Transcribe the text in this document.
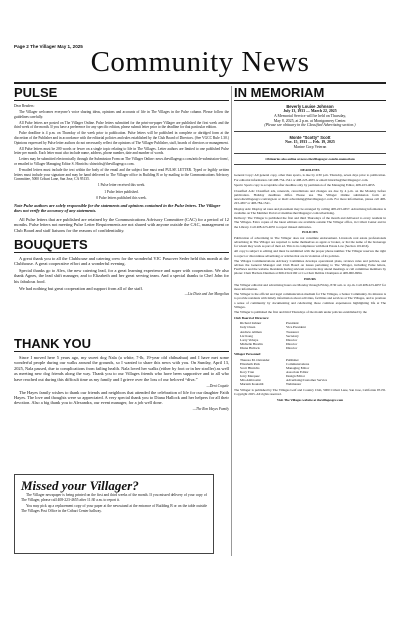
Page 2 The Villager May 1, 2025 Community News
PULSE

Dear Readers:

The Villager welcomes everyone’s voice sharing ideas, opinions and accounts of life in The Villages in the Pulse column. Please follow the guidelines carefully.

All Pulse letters are posted on The Villager Online. Pulse letters submitted for the print-on-paper Villager are published the first week and the third week of the month. If you have a preference for any specific edition, please submit letter prior to the deadline for that particular edition.

Pulse deadline is 4 p.m. on Thursday of the week prior to publication. Pulse letters will be published in complete or abridged form at the discretion of the Publisher and in accordance with the editorial policies and rules established by the Club Board of Directors. (See VGCC Rule 1.30.) Opinions expressed by Pulse letter authors do not necessarily reflect the opinions of The Villager Publisher, staff, boards of directors or management.

All Pulse letters must be 200 words or fewer on a single topic relating to life in The Villages. Letter authors are limited to one published Pulse letter per month. Each letter must also include name, address, phone number, date and number of words.

Letters may be submitted electronically through the Submission Form on The Villager Online: news.thevillagesgcc.com/article-submission-form/, or emailed to Villager Managing Editor S. Hinrichs: shinrichs@thevillagesgcc.com.

E-mailed letters must include the text within the body of the email and the subject line must read PULSE LETTER. Typed or legibly written letters must include your signature and may be hand delivered to The Villager office in Building B or by mailing to the Communications Advisory Committee, 5000 Cribari Lane, San Jose, CA 95135.

1 Pulse letter received this week.

1 Pulse letter published.

0 Pulse letters published this week.

Note Pulse authors are solely responsible for the statements and opinions contained in the Pulse letters. The Villager does not verify the accuracy of any statements.

All Pulse letters that are published are retained by the Communications Advisory Committee (CAC) for a period of 12 months. Pulse letters not meeting Pulse Letter Requirements are not shared with anyone outside the CAC, management or Club Board and staff liaisons for the reasons of confidentiality.

BOUQUETS

A great thank you to all the Clubhouse and catering crew for the wonderful VJC Passover Seder held this month at the Clubhouse. A great cooperative effort and a wonderful evening.

Special thanks go to Alex, the new catering lead, for a great learning experience and super with cooperation. We also thank Agnes, the lead shift manager, and to Elizabeth and her great serving team. And a special thanks to Chef John for his fabulous food.

We had nothing but great cooperation and support from all of the staff.

—Liz Dietz and Jan Margolius

THANK YOU

Since I moved here 5 years ago, my sweet dog Nala (a white, 7-lb, 19-year old chihuahua) and I have met some wonderful people during our walks around the grounds, so I wanted to share this news with you. On Sunday, April 13, 2025, Nala passed, due to complications from failing health. Nala loved her walks (either by foot or in her stroller) as well as meeting new dog friends along the way. Thank you to our Villages friends who have been supportive and to all who have reached out during this difficult time as my family and I grieve over the loss of our beloved “diva.”

—Deni Coquiie

The Hayes family wishes to thank our friends and neighbors that attended the celebration of life for our daughter Faith Hayes. The love and thoughts were so appreciated. A very special thank you to Diana Hallock and her helpers for all their devotion. Also a big thank you to Alexandra, our event manager, for a job well done.

—The Ron Hayes Family

Missed your Villager?

The Villager newspaper is being printed on the first and third weeks of the month. If you missed delivery of your copy of The Villager, please call 408-223-4655 after 11:30 a.m. to report it.

You may pick up a replacement copy of your paper at the newsstand at the entrance of Building B or on the table outside The Villages Post Office in the Cribari Center hallway.

IN MEMORIAM
Beverly Louise Johnson
July 13, 1933 — March 22, 2025
A Memorial Service will be held on Thursday,
May 8, 2025, at 2 p.m. at Montgomery Center.
(Please see obituary in the Classified Advertising section.)
Monte "Scotty" Scott
Nov. 15, 1933 — Feb. 19, 2025
Marine Corp Veteran

Obituaries also online at news.thevillagesgcc.com/in-memoriam

DEADLINES

General Copy: All general copy, other than sports, is due by 4:30 p.m. Thursday, seven days prior to publication. For editorial information call 408-754-1541 or 408-223-4655 or email: hinrichs@thevillagesgcc.com.

Sports: Sports copy is acceptable after deadline only by permission of the Managing Editor, 408-223-4655.

Classified Ads: Classified ads, renewals, cancellations and changes are due by 4 p.m. on the Monday before publication. Holiday deadlines differ. Please use The Villager Online submission form at: news.thevillagesgcc.com/sign-in or mail: advertising@thevillagesgcc.com. For more information, please call 408-223-4657 or 408-784-1541.

Display Ads: Display ad rates and placement may be arranged by calling 408-223-4657. Advertising information is available on The Member Portal at: member.thevillagesgcc.com/advertising.

Delivery: The Villager is published the first and third Thursdays of the month and delivered to every resident in The Villages. Extra copies of the latest editions are available outside The Villager office, in Cribari Center and in the Library. Call 408-223-4655 to report missed deliveries.

POLICIES

Publication of advertising in The Villager does not constitute endorsement. Livestock real estate professionals advertising in The Villager are required to name themselves as agent or broker, or list the name of the brokerage for whom they work as part of their ad. This is in compliance with Real Estate Law (Section 10140.6).

All copy is subject to editing and must be submitted with the proper phone number. The Villager reserves the right to reject or discontinue advertising or articles that are in violation of its policies.

The Villages Communications Advisory Committee develops operational plans, reviews rules and policies, and advises the General Manager and Club Board on issues pertaining to The Villager, including Pulse letters, FastNews and the website. Residents having relevant concerns may attend meetings or call committee members by phone: Chair Barbara Dunman at 669-234-9160 or Co-Chair Debbie Champion at 408-960-6994.

HOURS

The Villager editorial and advertising hours are Monday through Friday, 8:30 a.m. to 4 p.m. Call 408-223-4657 for more information.

The Villager is the official and legal communication medium for The Villages, a Senior Community. Its mission is to provide residents with timely information about activities, facilities and services at The Villages, and to promote a sense of community by documenting and celebrating those common experiences highlighting life at The Villages.

The Villager is published the first and third Thursdays of the month under policies established by the

Club Board of Directors:

Richard Zehner	President
Judy Owen	Vice President
Andrew Altman	Treasurer
Liz Kong	Secretary
Larry Vebaye	Director
Michelle Breslin	Director
Diana Hallock	Director

Villager Personnel:

Theresa M. Ostrander	Publisher
Elizabeth Park	Communications
Scott Hinrichs	Managing Editor
Kory Tran	Associate Editor
Jerry Marquez	Design Editor
Mia Ambrosini	Advertising/Customer Service
Mariam Koutaldi	Webmaster

The Villager is published by The Villages Golf and Country Club, 5000 Cribari Lane, San Jose, California 95135. Copyright 2025. All rights reserved.

Visit The Villages website at thevillagesgcc.com
